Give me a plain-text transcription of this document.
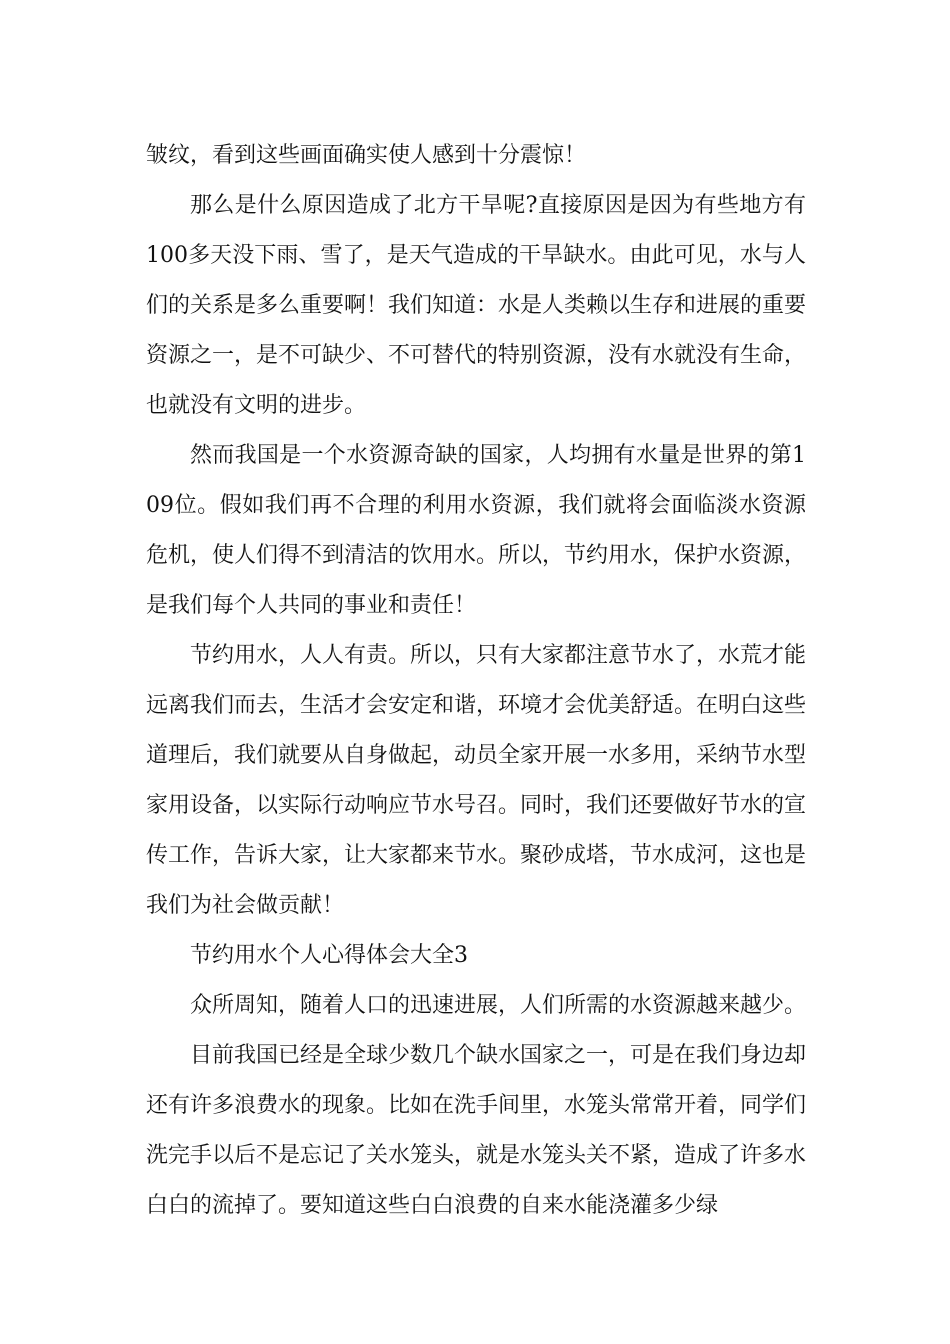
皱纹，看到这些画面确实使人感到十分震惊！

那么是什么原因造成了北方干旱呢?直接原因是因为有些地方有100多天没下雨、雪了，是天气造成的干旱缺水。由此可见，水与人们的关系是多么重要啊！我们知道：水是人类赖以生存和进展的重要资源之一，是不可缺少、不可替代的特别资源，没有水就没有生命，也就没有文明的进步。

然而我国是一个水资源奇缺的国家，人均拥有水量是世界的第109位。假如我们再不合理的利用水资源，我们就将会面临淡水资源危机，使人们得不到清洁的饮用水。所以，节约用水，保护水资源，是我们每个人共同的事业和责任！

节约用水，人人有责。所以，只有大家都注意节水了，水荒才能远离我们而去，生活才会安定和谐，环境才会优美舒适。在明白这些道理后，我们就要从自身做起，动员全家开展一水多用，采纳节水型家用设备，以实际行动响应节水号召。同时，我们还要做好节水的宣传工作，告诉大家，让大家都来节水。聚砂成塔，节水成河，这也是我们为社会做贡献！

节约用水个人心得体会大全3

众所周知，随着人口的迅速进展，人们所需的水资源越来越少。

目前我国已经是全球少数几个缺水国家之一，可是在我们身边却还有许多浪费水的现象。比如在洗手间里，水笼头常常开着，同学们洗完手以后不是忘记了关水笼头，就是水笼头关不紧，造成了许多水白白的流掉了。要知道这些白白浪费的自来水能浇灌多少绿
